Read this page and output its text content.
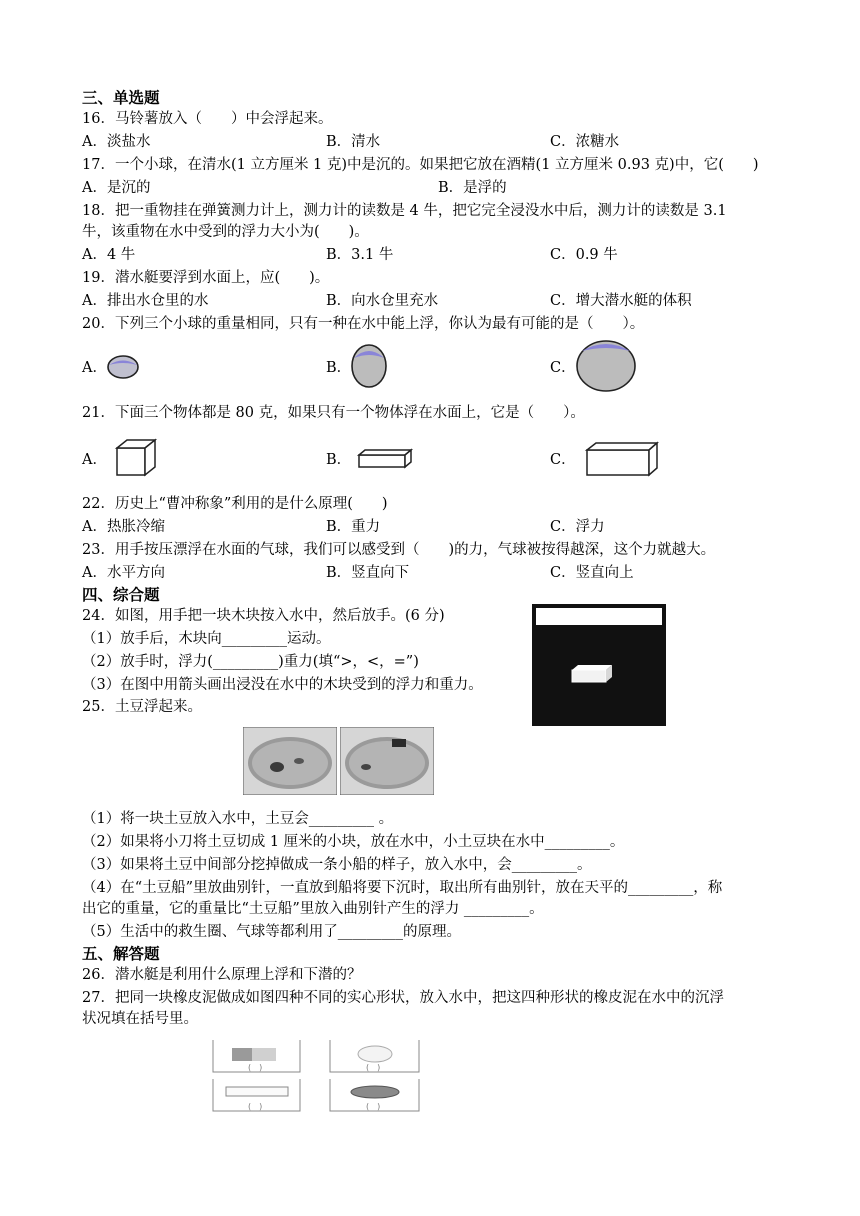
三、单选题
16．马铃薯放入（　　）中会浮起来。
A．淡盐水	B．清水	C．浓糖水
17．一个小球，在清水(1 立方厘米 1 克)中是沉的。如果把它放在酒精(1 立方厘米 0.93 克)中，它(　　)
A．是沉的	B．是浮的
18．把一重物挂在弹簧测力计上，测力计的读数是 4 牛，把它完全浸没水中后，测力计的读数是 3.1
牛，该重物在水中受到的浮力大小为(　　)。
A．4 牛	B．3.1 牛	C．0.9 牛
19．潜水艇要浮到水面上，应(　　)。
A．排出水仓里的水	B．向水仓里充水	C．增大潜水艇的体积
20．下列三个小球的重量相同，只有一种在水中能上浮，你认为最有可能的是（　　）。
A．	B．	C．
21．下面三个物体都是 80 克，如果只有一个物体浮在水面上，它是（　　）。
A．	B．	C．
22．历史上“曹冲称象”利用的是什么原理(　　)
A．热胀冷缩	B．重力	C．浮力
23．用手按压漂浮在水面的气球，我们可以感受到（　　)的力，气球被按得越深，这个力就越大。
A．水平方向	B．竖直向下	C．竖直向上
四、综合题
24．如图，用手把一块木块按入水中，然后放手。(6 分)
（1）放手后，木块向_________运动。
（2）放手时，浮力(_________)重力(填“>，<，=”)
（3）在图中用箭头画出浸没在水中的木块受到的浮力和重力。
25．土豆浮起来。
（1）将一块土豆放入水中，土豆会_________ 。
（2）如果将小刀将土豆切成 1 厘米的小块，放在水中，小土豆块在水中_________。
（3）如果将土豆中间部分挖掉做成一条小船的样子，放入水中，会_________。
（4）在“土豆船”里放曲别针，一直放到船将要下沉时，取出所有曲别针，放在天平的_________，称
出它的重量，它的重量比“土豆船”里放入曲别针产生的浮力 _________。
（5）生活中的救生圈、气球等都利用了_________的原理。
五、解答题
26．潜水艇是利用什么原理上浮和下潜的？
27．把同一块橡皮泥做成如图四种不同的实心形状，放入水中，把这四种形状的橡皮泥在水中的沉浮
状况填在括号里。
(　)	(　)
(　)	(　)
